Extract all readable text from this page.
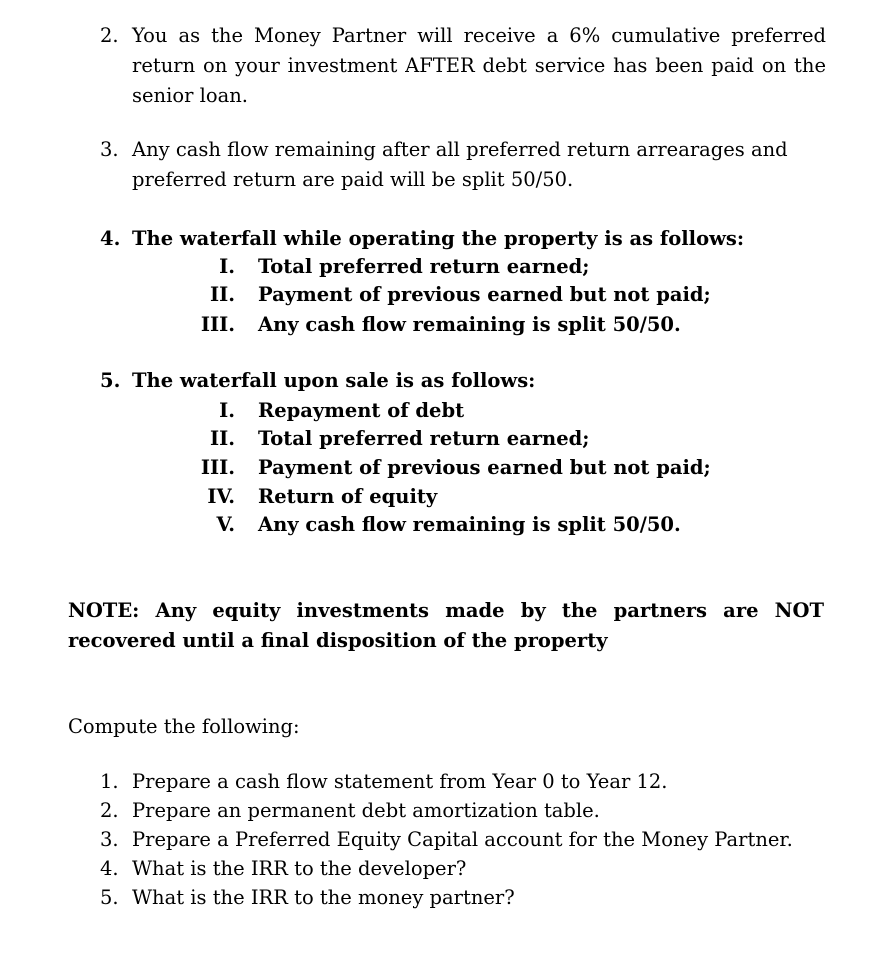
2. You as the Money Partner will receive a 6% cumulative preferred return on your investment AFTER debt service has been paid on the senior loan.
3. Any cash flow remaining after all preferred return arrearages and preferred return are paid will be split 50/50.
4. The waterfall while operating the property is as follows:
I. Total preferred return earned;
II. Payment of previous earned but not paid;
III. Any cash flow remaining is split 50/50.
5. The waterfall upon sale is as follows:
I. Repayment of debt
II. Total preferred return earned;
III. Payment of previous earned but not paid;
IV. Return of equity
V. Any cash flow remaining is split 50/50.
NOTE: Any equity investments made by the partners are NOT recovered until a final disposition of the property
Compute the following:
1. Prepare a cash flow statement from Year 0 to Year 12.
2. Prepare an permanent debt amortization table.
3. Prepare a Preferred Equity Capital account for the Money Partner.
4. What is the IRR to the developer?
5. What is the IRR to the money partner?
